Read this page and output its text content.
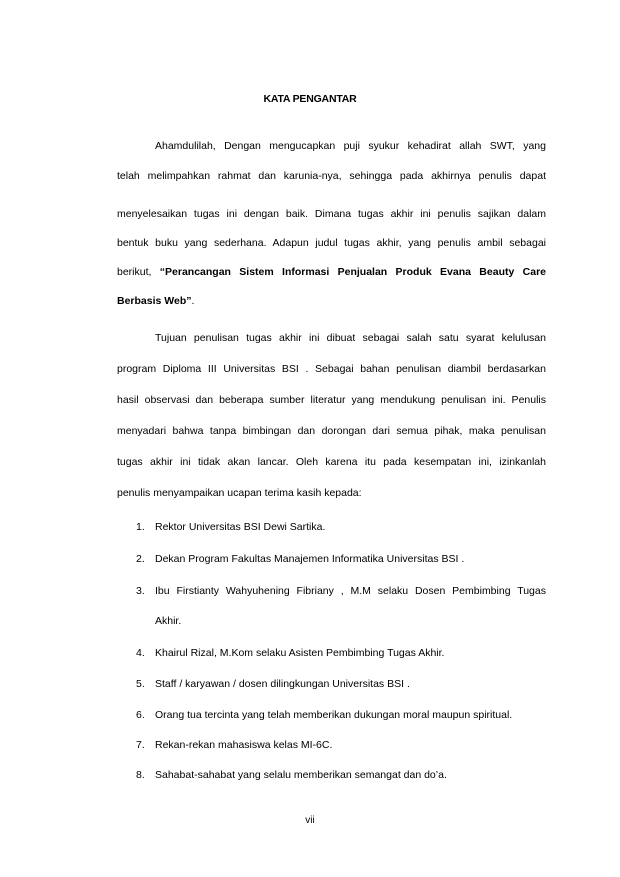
KATA PENGANTAR
Ahamdulilah, Dengan mengucapkan puji syukur kehadirat allah SWT, yang
telah melimpahkan rahmat dan karunia-nya, sehingga pada akhirnya penulis dapat
menyelesaikan tugas ini dengan baik. Dimana tugas akhir ini penulis sajikan dalam
bentuk buku yang sederhana. Adapun judul tugas akhir, yang penulis ambil sebagai
berikut, “Perancangan Sistem Informasi Penjualan Produk Evana Beauty Care
Berbasis Web”.
Tujuan penulisan tugas akhir ini dibuat sebagai salah satu syarat kelulusan
program Diploma III Universitas BSI . Sebagai bahan penulisan diambil berdasarkan
hasil observasi dan beberapa sumber literatur yang mendukung penulisan ini. Penulis
menyadari bahwa tanpa bimbingan dan dorongan dari semua pihak, maka penulisan
tugas akhir ini tidak akan lancar. Oleh karena itu pada kesempatan ini, izinkanlah
penulis menyampaikan ucapan terima kasih kepada:
1. Rektor Universitas BSI Dewi Sartika.
2. Dekan Program Fakultas Manajemen Informatika Universitas BSI .
3. Ibu Firstianty Wahyuhening Fibriany , M.M selaku Dosen Pembimbing Tugas
Akhir.
4. Khairul Rizal, M.Kom selaku Asisten Pembimbing Tugas Akhir.
5. Staff / karyawan / dosen dilingkungan Universitas BSI .
6. Orang tua tercinta yang telah memberikan dukungan moral maupun spiritual.
7. Rekan-rekan mahasiswa kelas MI-6C.
8. Sahabat-sahabat yang selalu memberikan semangat dan do’a.
vii
